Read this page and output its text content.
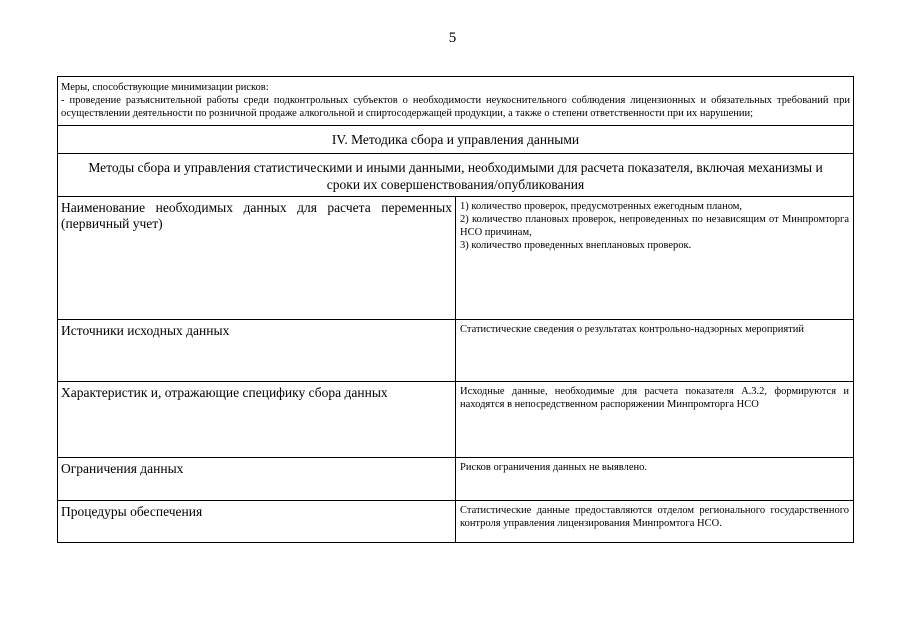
5
Меры, способствующие минимизации рисков:
- проведение разъяснительной работы среди подконтрольных субъектов о необходимости неукоснительного соблюдения лицензионных и обязательных требований при осуществлении деятельности по розничной продаже алкогольной и спиртосодержащей продукции, а также о степени ответственности при их нарушении;	

IV. Методика сбора и управления данными	
Методы сбора и управления статистическими и иными данными, необходимыми для расчета показателя, включая механизмы и сроки их совершенствования/опубликования	
Наименование необходимых данных для расчета переменных (первичный учет)	1) количество проверок, предусмотренных ежегодным планом,
2) количество плановых проверок, непроведенных по независящим от Минпромторга НСО причинам,
3) количество проведенных внеплановых проверок.

Источники исходных данных	Статистические сведения о результатах контрольно-надзорных мероприятий
Характеристик и, отражающие специфику сбора данных	Исходные данные, необходимые для расчета показателя А.3.2, формируются и находятся в непосредственном распоряжении Минпромторга НСО
Ограничения данных	Рисков ограничения данных не выявлено.
Процедуры обеспечения	Статистические данные предоставляются отделом регионального государственного контроля управления лицензирования Минпромтога НСО.
